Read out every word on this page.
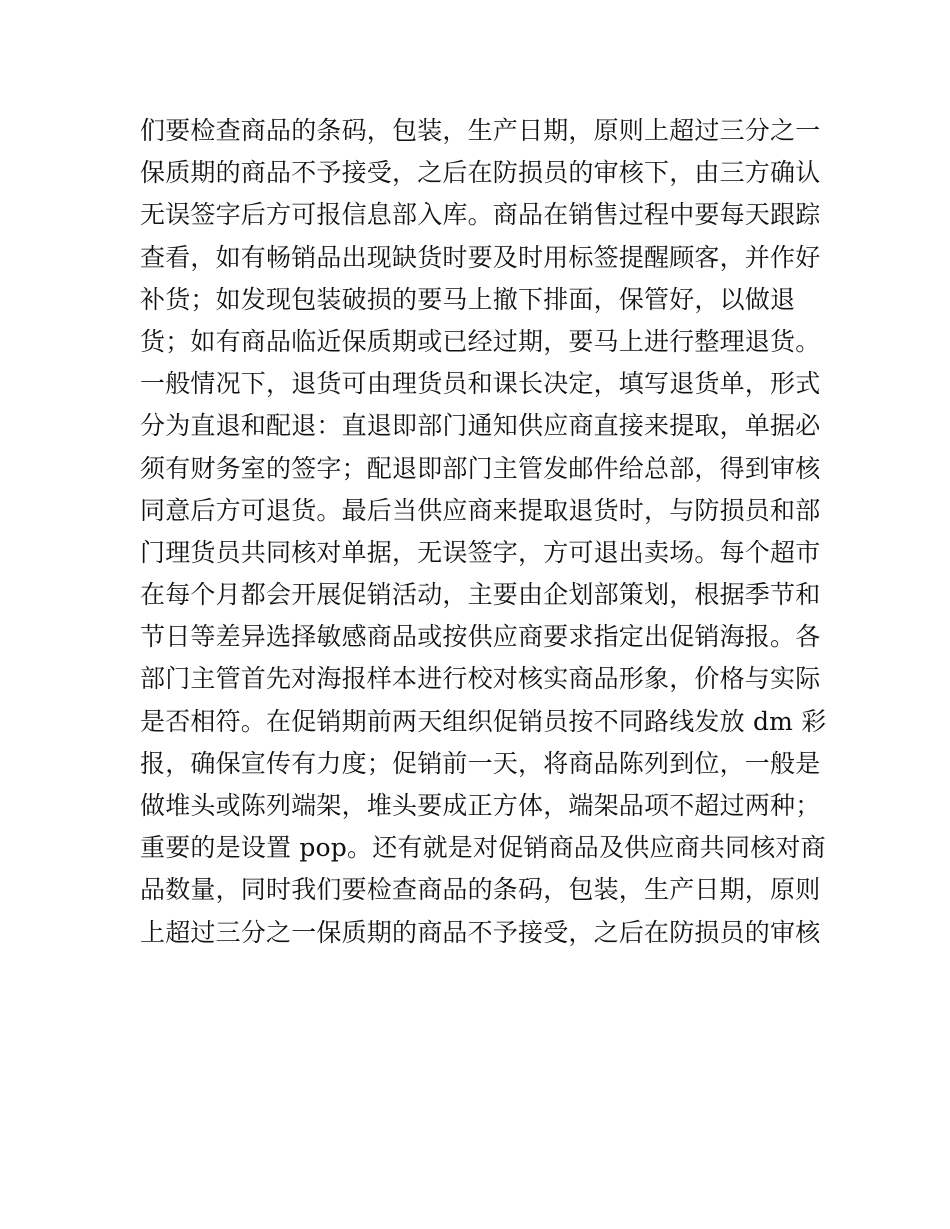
们要检查商品的条码，包装，生产日期，原则上超过三分之一
保质期的商品不予接受，之后在防损员的审核下，由三方确认
无误签字后方可报信息部入库。商品在销售过程中要每天跟踪
查看，如有畅销品出现缺货时要及时用标签提醒顾客，并作好
补货；如发现包装破损的要马上撤下排面，保管好，以做退
货；如有商品临近保质期或已经过期，要马上进行整理退货。
一般情况下，退货可由理货员和课长决定，填写退货单，形式
分为直退和配退：直退即部门通知供应商直接来提取，单据必
须有财务室的签字；配退即部门主管发邮件给总部，得到审核
同意后方可退货。最后当供应商来提取退货时，与防损员和部
门理货员共同核对单据，无误签字，方可退出卖场。每个超市
在每个月都会开展促销活动，主要由企划部策划，根据季节和
节日等差异选择敏感商品或按供应商要求指定出促销海报。各
部门主管首先对海报样本进行校对核实商品形象，价格与实际
是否相符。在促销期前两天组织促销员按不同路线发放 dm 彩
报，确保宣传有力度；促销前一天，将商品陈列到位，一般是
做堆头或陈列端架，堆头要成正方体，端架品项不超过两种；
重要的是设置 pop。还有就是对促销商品及供应商共同核对商
品数量，同时我们要检查商品的条码，包装，生产日期，原则
上超过三分之一保质期的商品不予接受，之后在防损员的审核
